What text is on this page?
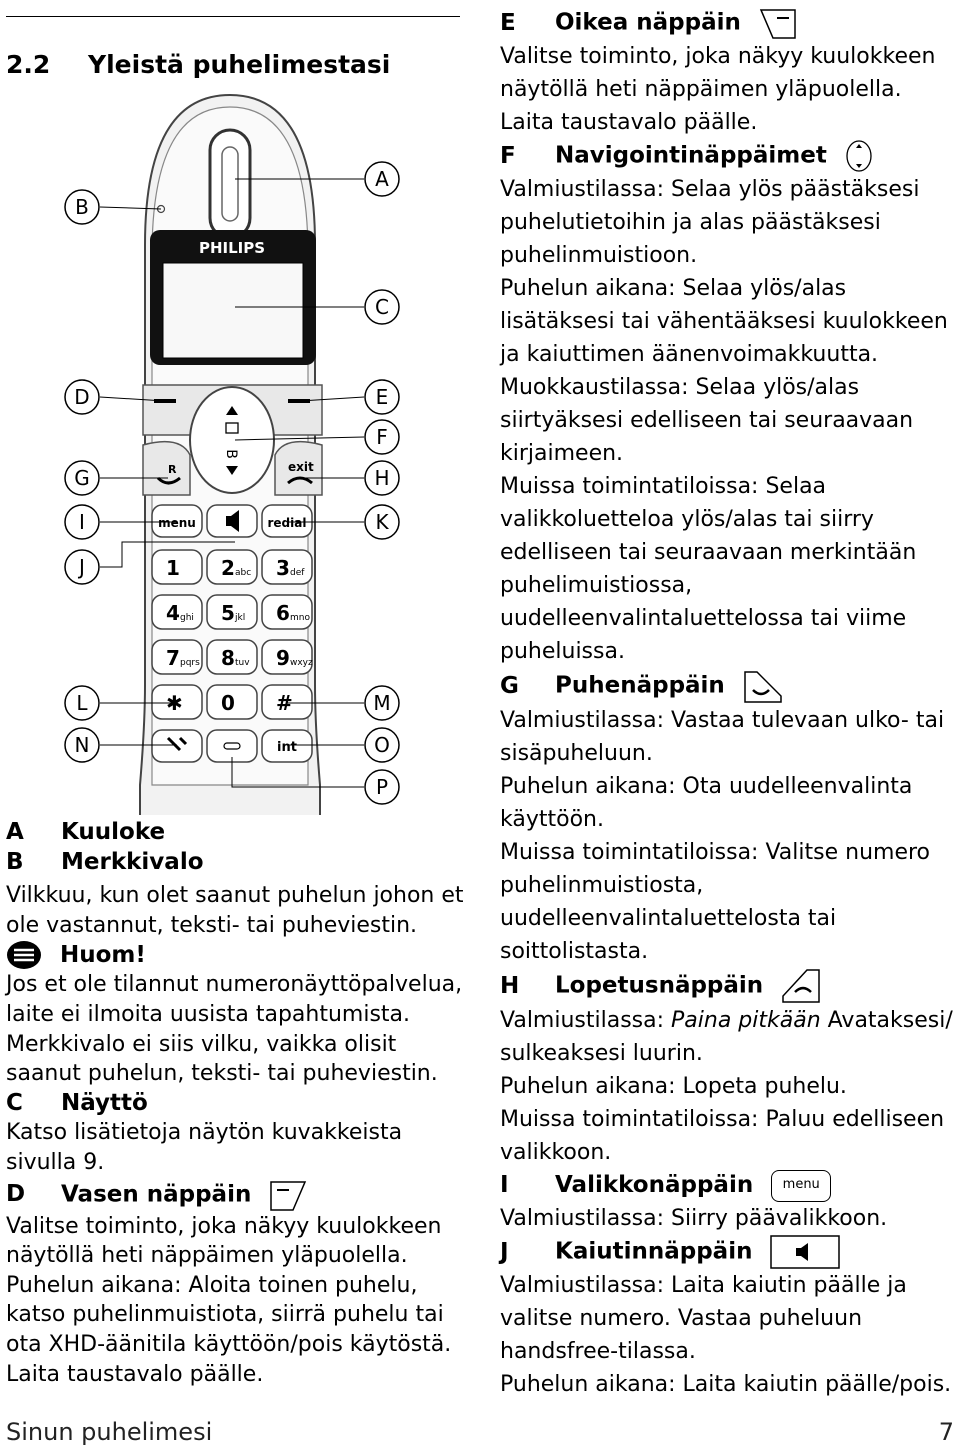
2.2 Yleistä puhelimestasi
PHILIPS
B
R	exit
menu	redial
1 2 abc 3 def
4 ghi 5 jkl 6 mno
7 pqrs 8 tuv 9 wxyz
✱ 0 #
int
A
B
C
D	E
F
G	H
I
J
K
L	M
N	O
P
A Kuuloke
B Merkkivalo

Vilkkuu, kun olet saanut puhelun johon et ole vastannut, teksti- tai puheviestin.

Huom!

Jos et ole tilannut numeronäyttöpalvelua, laite ei ilmoita uusista tapahtumista.

Merkkivalo ei siis vilku, vaikka olisit saanut puhelun, teksti- tai puheviestin.

C Näyttö

Katso lisätietoja näytön kuvakkeista sivulla 9.

D Vasen näppäin

Valitse toiminto, joka näkyy kuulokkeen näytöllä heti näppäimen yläpuolella.

Puhelun aikana: Aloita toinen puhelu, katso puhelinmuistiota, siirrä puhelu tai ota XHD-äänitila käyttöön/pois käytöstä.

Laita taustavalo päälle.

E Oikea näppäin

Valitse toiminto, joka näkyy kuulokkeen näytöllä heti näppäimen yläpuolella.

Laita taustavalo päälle.

F Navigointinäppäimet

Valmiustilassa: Selaa ylös päästäksesi puhelutietoihin ja alas päästäksesi puhelinmuistioon.

Puhelun aikana: Selaa ylös/alas lisätäksesi tai vähentääksesi kuulokkeen ja kaiuttimen äänenvoimakkuutta.

Muokkaustilassa: Selaa ylös/alas siirtyäksesi edelliseen tai seuraavaan kirjaimeen.

Muissa toimintatiloissa: Selaa valikkoluetteloa ylös/alas tai siirry edelliseen tai seuraavaan merkintään puhelimuistiossa, uudelleenvalintaluettelossa tai viime puheluissa.

G Puhenäppäin

Valmiustilassa: Vastaa tulevaan ulko- tai sisäpuheluun.

Puhelun aikana: Ota uudelleenvalinta käyttöön.

Muissa toimintatiloissa: Valitse numero puhelinmuistiosta, uudelleenvalintaluettelosta tai soittolistasta.

H Lopetusnäppäin

Valmiustilassa: Paina pitkään Avataksesi/ sulkeaksesi luurin.

Puhelun aikana: Lopeta puhelu.

Muissa toimintatiloissa: Paluu edelliseen valikkoon.

I Valikkonäppäin menu

Valmiustilassa: Siirry päävalikkoon.

J Kaiutinnäppäin

Valmiustilassa: Laita kaiutin päälle ja valitse numero. Vastaa puheluun handsfree-tilassa.

Puhelun aikana: Laita kaiutin päälle/pois.

Sinun puhelimesi	7
